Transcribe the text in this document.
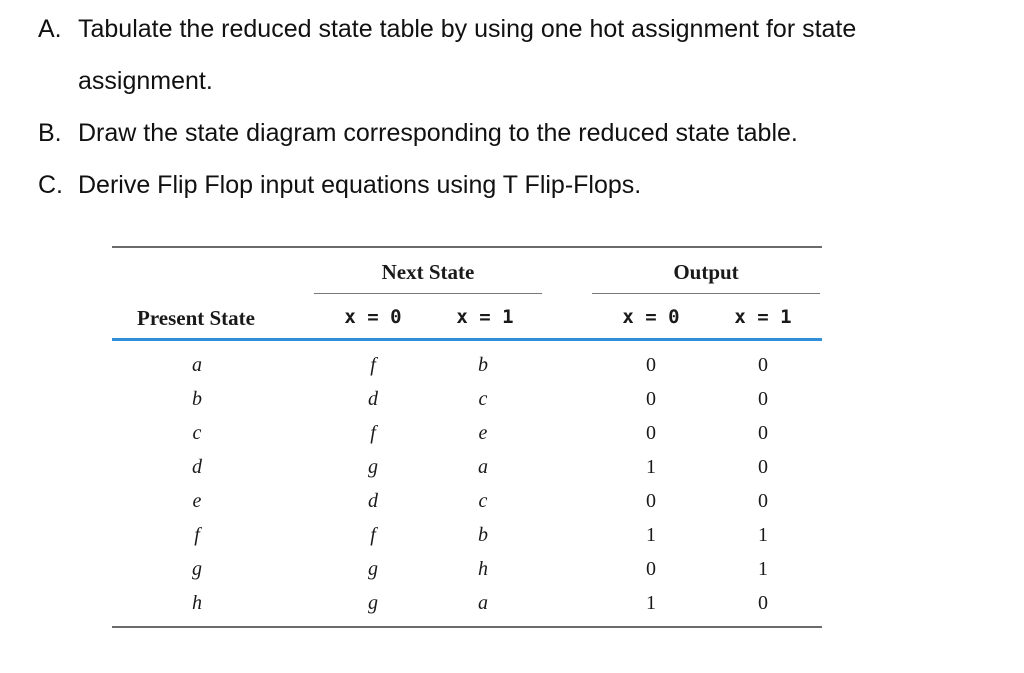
A. Tabulate the reduced state table by using one hot assignment for state
assignment.
B. Draw the state diagram corresponding to the reduced state table.
C. Derive Flip Flop input equations using T Flip-Flops.
Next State	Output
Present State	x = 0	x = 1	x = 0	x = 1
a	f	b	0	0
b	d	c	0	0
c	f	e	0	0
d	g	a	1	0
e	d	c	0	0
f	f	b	1	1
g	g	h	0	1
h	g	a	1	0
